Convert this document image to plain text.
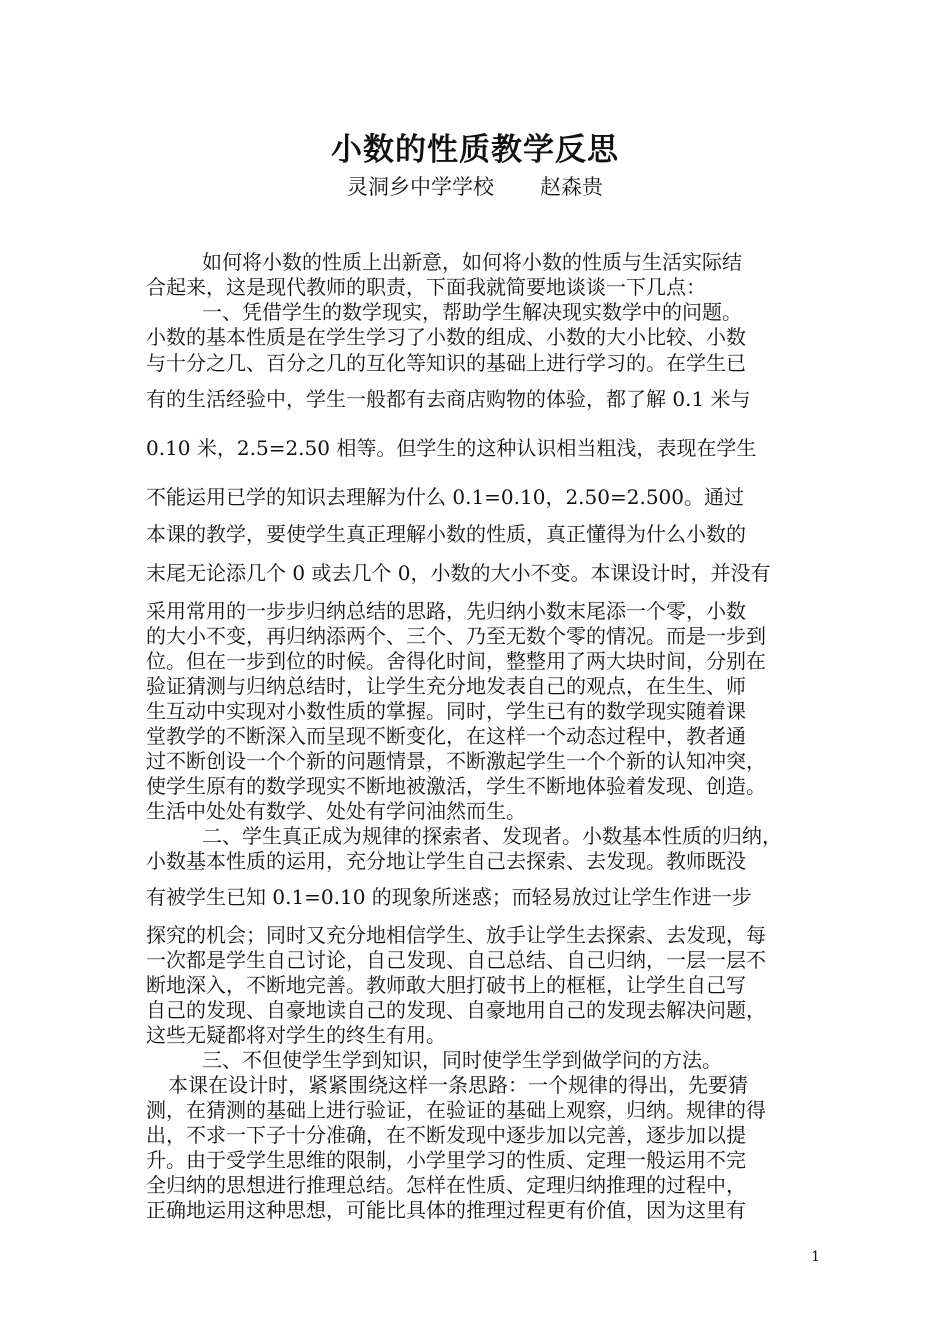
小数的性质教学反思
灵洞乡中学学校 赵森贵
如何将小数的性质上出新意，如何将小数的性质与生活实际结
合起来，这是现代教师的职责，下面我就简要地谈谈一下几点：
一、凭借学生的数学现实，帮助学生解决现实数学中的问题。
小数的基本性质是在学生学习了小数的组成、小数的大小比较、小数
与十分之几、百分之几的互化等知识的基础上进行学习的。在学生已
有的生活经验中，学生一般都有去商店购物的体验，都了解 0.1 米与
0.10 米，2.5=2.50 相等。但学生的这种认识相当粗浅，表现在学生
不能运用已学的知识去理解为什么 0.1=0.10，2.50=2.500。通过
本课的教学，要使学生真正理解小数的性质，真正懂得为什么小数的
末尾无论添几个 0 或去几个 0，小数的大小不变。本课设计时，并没有
采用常用的一步步归纳总结的思路，先归纳小数末尾添一个零，小数
的大小不变，再归纳添两个、三个、乃至无数个零的情况。而是一步到
位。但在一步到位的时候。舍得化时间，整整用了两大块时间，分别在
验证猜测与归纳总结时，让学生充分地发表自己的观点，在生生、师
生互动中实现对小数性质的掌握。同时，学生已有的数学现实随着课
堂教学的不断深入而呈现不断变化，在这样一个动态过程中，教者通
过不断创设一个个新的问题情景，不断激起学生一个个新的认知冲突，
使学生原有的数学现实不断地被激活，学生不断地体验着发现、创造。
生活中处处有数学、处处有学问油然而生。
二、学生真正成为规律的探索者、发现者。小数基本性质的归纳，
小数基本性质的运用，充分地让学生自己去探索、去发现。教师既没
有被学生已知 0.1=0.10 的现象所迷惑；而轻易放过让学生作进一步
探究的机会；同时又充分地相信学生、放手让学生去探索、去发现，每
一次都是学生自己讨论，自己发现、自己总结、自己归纳，一层一层不
断地深入，不断地完善。教师敢大胆打破书上的框框，让学生自己写
自己的发现、自豪地读自己的发现、自豪地用自己的发现去解决问题，
这些无疑都将对学生的终生有用。
三、不但使学生学到知识，同时使学生学到做学问的方法。
本课在设计时，紧紧围绕这样一条思路：一个规律的得出，先要猜
测，在猜测的基础上进行验证，在验证的基础上观察，归纳。规律的得
出，不求一下子十分准确，在不断发现中逐步加以完善，逐步加以提
升。由于受学生思维的限制，小学里学习的性质、定理一般运用不完
全归纳的思想进行推理总结。怎样在性质、定理归纳推理的过程中，
正确地运用这种思想，可能比具体的推理过程更有价值，因为这里有
1
